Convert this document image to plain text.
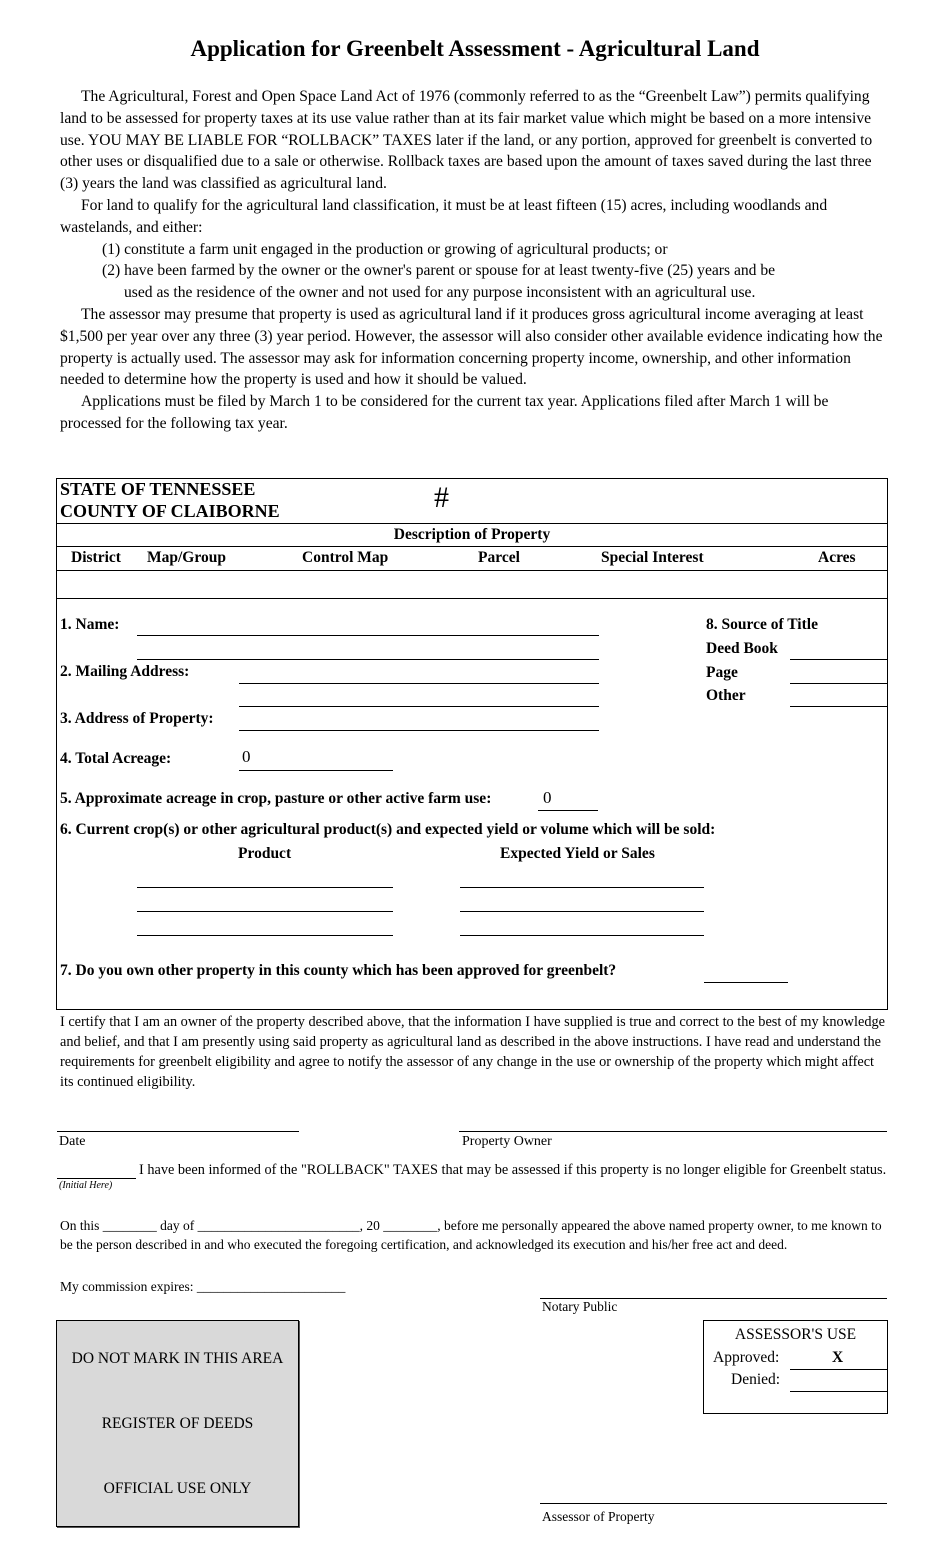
Application for Greenbelt Assessment - Agricultural Land

The Agricultural, Forest and Open Space Land Act of 1976 (commonly referred to as the “Greenbelt Law”) permits qualifying land to be assessed for property taxes at its use value rather than at its fair market value which might be based on a more intensive use. YOU MAY BE LIABLE FOR “ROLLBACK” TAXES later if the land, or any portion, approved for greenbelt is converted to other uses or disqualified due to a sale or otherwise. Rollback taxes are based upon the amount of taxes saved during the last three (3) years the land was classified as agricultural land.

For land to qualify for the agricultural land classification, it must be at least fifteen (15) acres, including woodlands and wastelands, and either:

(1) constitute a farm unit engaged in the production or growing of agricultural products; or

(2) have been farmed by the owner or the owner's parent or spouse for at least twenty-five (25) years and be

used as the residence of the owner and not used for any purpose inconsistent with an agricultural use.

The assessor may presume that property is used as agricultural land if it produces gross agricultural income averaging at least $1,500 per year over any three (3) year period. However, the assessor will also consider other available evidence indicating how the property is actually used. The assessor may ask for information concerning property income, ownership, and other information needed to determine how the property is used and how it should be valued.

Applications must be filed by March 1 to be considered for the current tax year. Applications filed after March 1 will be processed for the following tax year.

STATE OF TENNESSEE
COUNTY OF CLAIBORNE	#
Description of Property
District Map/Group	Control Map	Parcel	Special Interest	Acres
1. Name:
2. Mailing Address:
3. Address of Property:
4. Total Acreage:	0
5. Approximate acreage in crop, pasture or other active farm use:	0
6. Current crop(s) or other agricultural product(s) and expected yield or volume which will be sold:
Product	Expected Yield or Sales
7. Do you own other property in this county which has been approved for greenbelt?
8. Source of Title
Deed Book
Page
Other
I certify that I am an owner of the property described above, that the information I have supplied is true and correct to the best of my knowledge and belief, and that I am presently using said property as agricultural land as described in the above instructions. I have read and understand the requirements for greenbelt eligibility and agree to notify the assessor of any change in the use or ownership of the property which might affect its continued eligibility.
Date	Property Owner
(Initial Here)
I have been informed of the "ROLLBACK" TAXES that may be assessed if this property is no longer eligible for Greenbelt status.
On this ________ day of ________________________, 20 ________, before me personally appeared the above named property owner, to me known to be the person described in and who executed the foregoing certification, and acknowledged its execution and his/her free act and deed.
My commission expires: ______________________
Notary Public
DO NOT MARK IN THIS AREA
REGISTER OF DEEDS
OFFICIAL USE ONLY
ASSESSOR'S USE
Approved:	X
Denied:
Assessor of Property
